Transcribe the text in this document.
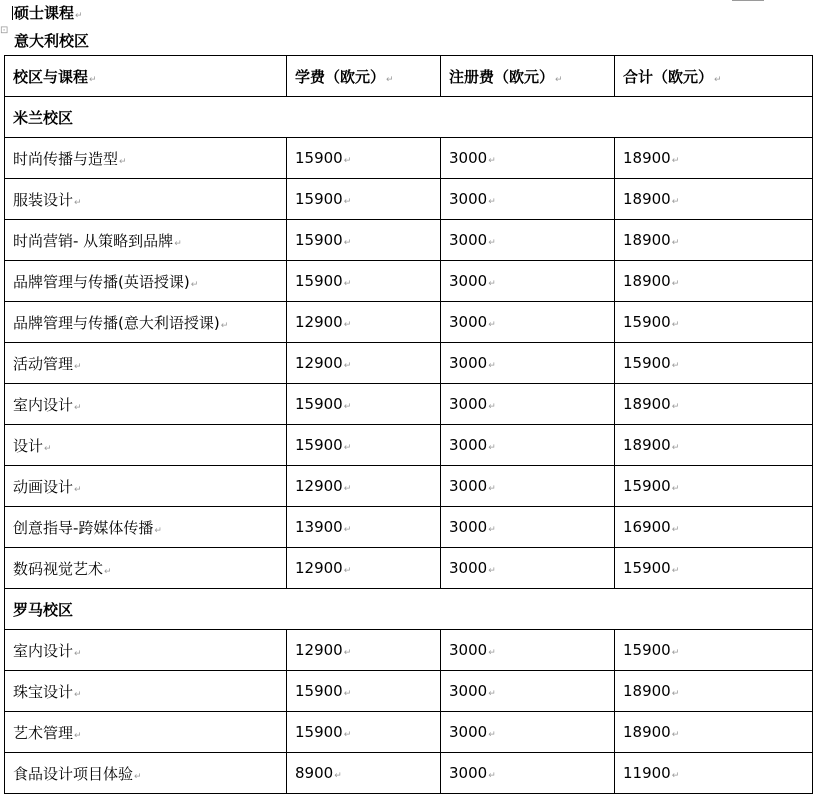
⊡
硕士课程↵
意大利校区
校区与课程↵	学费（欧元）↵	注册费（欧元）↵	合计（欧元）↵
米兰校区			
时尚传播与造型↵	15900↵	3000↵	18900↵
服装设计↵	15900↵	3000↵	18900↵
时尚营销- 从策略到品牌↵	15900↵	3000↵	18900↵
品牌管理与传播(英语授课)↵	15900↵	3000↵	18900↵
品牌管理与传播(意大利语授课)↵	12900↵	3000↵	15900↵
活动管理↵	12900↵	3000↵	15900↵
室内设计↵	15900↵	3000↵	18900↵
设计↵	15900↵	3000↵	18900↵
动画设计↵	12900↵	3000↵	15900↵
创意指导-跨媒体传播↵	13900↵	3000↵	16900↵
数码视觉艺术↵	12900↵	3000↵	15900↵
罗马校区			
室内设计↵	12900↵	3000↵	15900↵
珠宝设计↵	15900↵	3000↵	18900↵
艺术管理↵	15900↵	3000↵	18900↵
食品设计项目体验↵	8900↵	3000↵	11900↵
